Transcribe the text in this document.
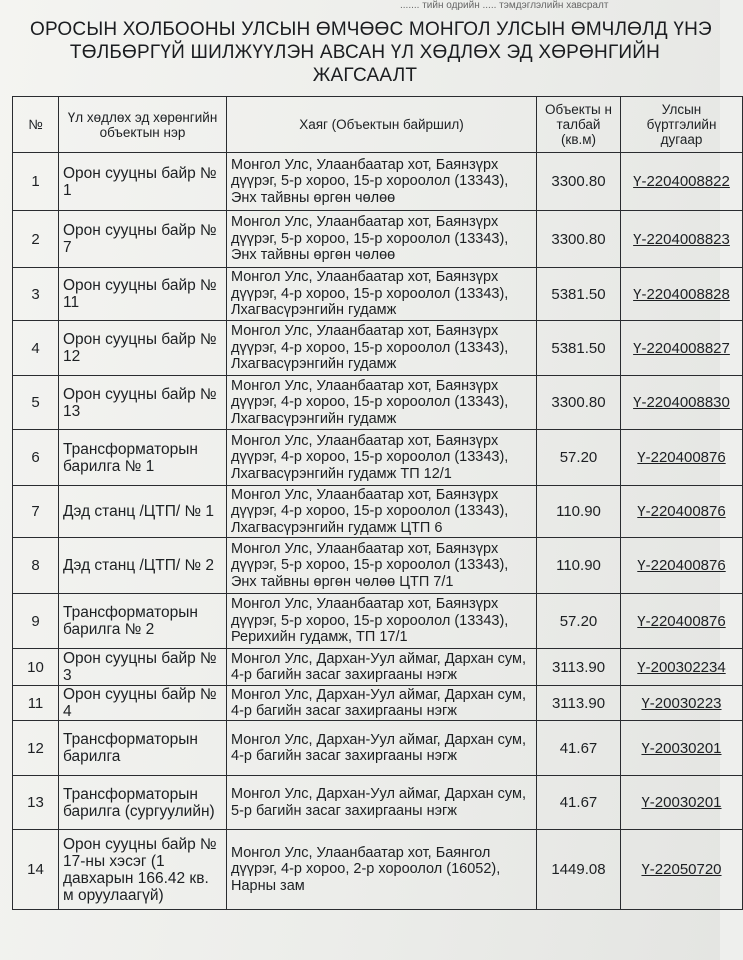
....... тийн одрийн ..... тэмдэглэлийн хавсралт
ОРОСЫН ХОЛБООНЫ УЛСЫН ӨМЧӨӨС МОНГОЛ УЛСЫН ӨМЧЛӨЛД ҮНЭ
ТӨЛБӨРГҮЙ ШИЛЖҮҮЛЭН АВСАН ҮЛ ХӨДЛӨХ ЭД ХӨРӨНГИЙН
ЖАГСААЛТ
№	Үл хөдлөх эд хөрөнгийн объектын нэр	Хаяг (Объектын байршил)	Объекты н талбай (кв.м)	Улсын бүртгэлийн дугаар
1	Орон сууцны байр № 1	Монгол Улс, Улаанбаатар хот, Баянзүрх дүүрэг, 5-р хороо, 15-р хороолол (13343), Энх тайвны өргөн чөлөө	3300.80	Ү-2204008822
2	Орон сууцны байр № 7	Монгол Улс, Улаанбаатар хот, Баянзүрх дүүрэг, 5-р хороо, 15-р хороолол (13343), Энх тайвны өргөн чөлөө	3300.80	Ү-2204008823
3	Орон сууцны байр № 11	Монгол Улс, Улаанбаатар хот, Баянзүрх дүүрэг, 4-р хороо, 15-р хороолол (13343), Лхагвасүрэнгийн гудамж	5381.50	Ү-2204008828
4	Орон сууцны байр № 12	Монгол Улс, Улаанбаатар хот, Баянзүрх дүүрэг, 4-р хороо, 15-р хороолол (13343), Лхагвасүрэнгийн гудамж	5381.50	Ү-2204008827
5	Орон сууцны байр № 13	Монгол Улс, Улаанбаатар хот, Баянзүрх дүүрэг, 4-р хороо, 15-р хороолол (13343), Лхагвасүрэнгийн гудамж	3300.80	Ү-2204008830
6	Трансформаторын барилга № 1	Монгол Улс, Улаанбаатар хот, Баянзүрх дүүрэг, 4-р хороо, 15-р хороолол (13343), Лхагвасүрэнгийн гудамж ТП 12/1	57.20	Ү-220400876
7	Дэд станц /ЦТП/ № 1	Монгол Улс, Улаанбаатар хот, Баянзүрх дүүрэг, 4-р хороо, 15-р хороолол (13343), Лхагвасүрэнгийн гудамж ЦТП 6	110.90	Ү-220400876
8	Дэд станц /ЦТП/ № 2	Монгол Улс, Улаанбаатар хот, Баянзүрх дүүрэг, 5-р хороо, 15-р хороолол (13343), Энх тайвны өргөн чөлөө ЦТП 7/1	110.90	Ү-220400876
9	Трансформаторын барилга № 2	Монгол Улс, Улаанбаатар хот, Баянзүрх дүүрэг, 5-р хороо, 15-р хороолол (13343), Рерихийн гудамж, ТП 17/1	57.20	Ү-220400876
10	Орон сууцны байр № 3	Монгол Улс, Дархан-Уул аймаг, Дархан сум, 4-р багийн засаг захиргааны нэгж	3113.90	Ү-200302234
11	Орон сууцны байр № 4	Монгол Улс, Дархан-Уул аймаг, Дархан сум, 4-р багийн засаг захиргааны нэгж	3113.90	Ү-20030223
12	Трансформаторын барилга	Монгол Улс, Дархан-Уул аймаг, Дархан сум, 4-р багийн засаг захиргааны нэгж	41.67	Ү-20030201
13	Трансформаторын барилга (сургуулийн)	Монгол Улс, Дархан-Уул аймаг, Дархан сум, 5-р багийн засаг захиргааны нэгж	41.67	Ү-20030201
14	Орон сууцны байр № 17-ны хэсэг (1 давхарын 166.42 кв. м оруулаагүй)	Монгол Улс, Улаанбаатар хот, Баянгол дүүрэг, 4-р хороо, 2-р хороолол (16052), Нарны зам	1449.08	Ү-22050720
